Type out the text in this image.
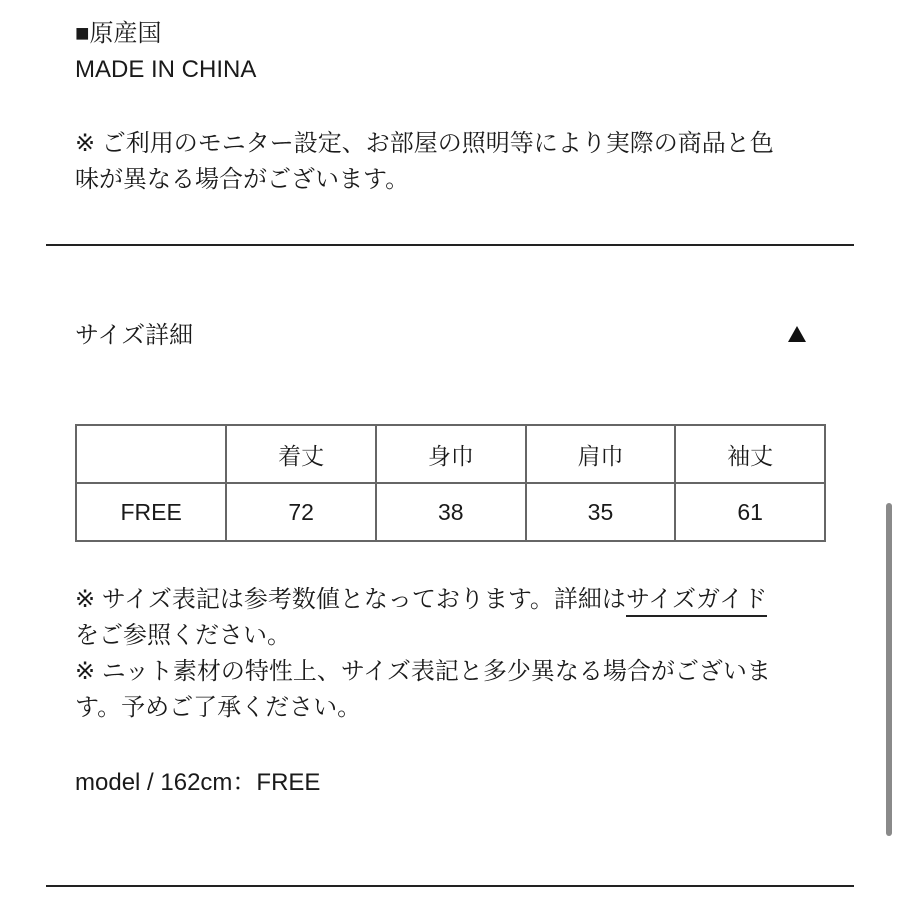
■原産国
MADE IN CHINA
※ ご利用のモニター設定、お部屋の照明等により実際の商品と色
味が異なる場合がございます。
サイズ詳細
	着丈	身巾	肩巾	袖丈
FREE	72	38	35	61
※ サイズ表記は参考数値となっております。詳細はサイズガイド
をご参照ください。
※ ニット素材の特性上、サイズ表記と多少異なる場合がございま
す。予めご了承ください。
model / 162cm：FREE
